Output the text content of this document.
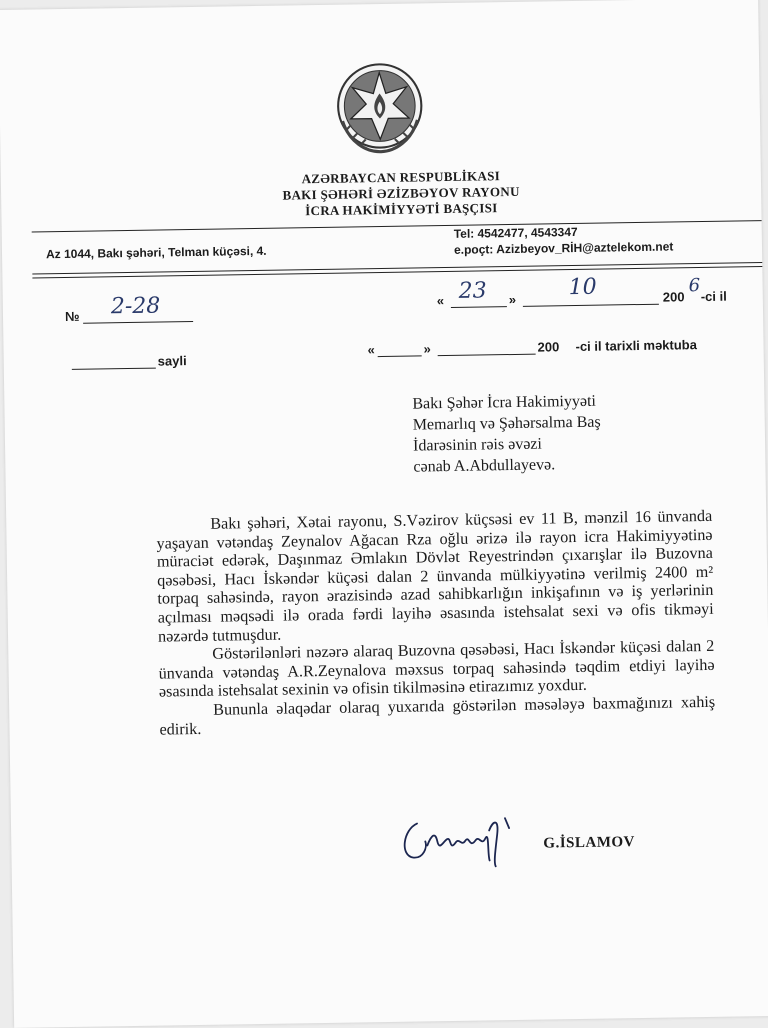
AZƏRBAYCAN RESPUBLİKASI
BAKI ŞƏHƏRİ ƏZİZBƏYOV RAYONU
İCRA HAKİMİYYƏTİ BAŞÇISI
Az 1044, Bakı şəhəri, Telman küçəsi, 4.
Tel: 4542477, 4543347
e.poçt: Azizbeyov_RİH@aztelekom.net
№ 2-28	« 23 » 10	200
6
-ci il
sayli
«	»	200 -ci il tarixli məktuba
Bakı Şəhər İcra Hakimiyyəti
Memarlıq və Şəhərsalma Baş
İdarəsinin rəis əvəzi
cənab A.Abdullayevə.

Bakı şəhəri, Xətai rayonu, S.Vəzirov küçsəsi ev 11 B, mənzil 16 ünvanda yaşayan vətəndaş Zeynalov Ağacan Rza oğlu ərizə ilə rayon icra Hakimiyyətinə müraciət edərək, Daşınmaz Əmlakın Dövlət Reyestrindən çıxarışlar ilə Buzovna qəsəbəsi, Hacı İskəndər küçəsi dalan 2 ünvanda mülkiyyətinə verilmiş 2400 m² torpaq sahəsində, rayon ərazisində azad sahibkarlığın inkişafının və iş yerlərinin açılması məqsədi ilə orada fərdi layihə əsasında istehsalat sexi və ofis tikməyi nəzərdə tutmuşdur.

Göstərilənləri nəzərə alaraq Buzovna qəsəbəsi, Hacı İskəndər küçəsi dalan 2 ünvanda vətəndaş A.R.Zeynalova məxsus torpaq sahəsində təqdim etdiyi layihə əsasında istehsalat sexinin və ofisin tikilməsinə etirazımız yoxdur.

Bununla əlaqədar olaraq yuxarıda göstərilən məsələyə baxmağınızı xahiş edirik.

G.İSLAMOV
